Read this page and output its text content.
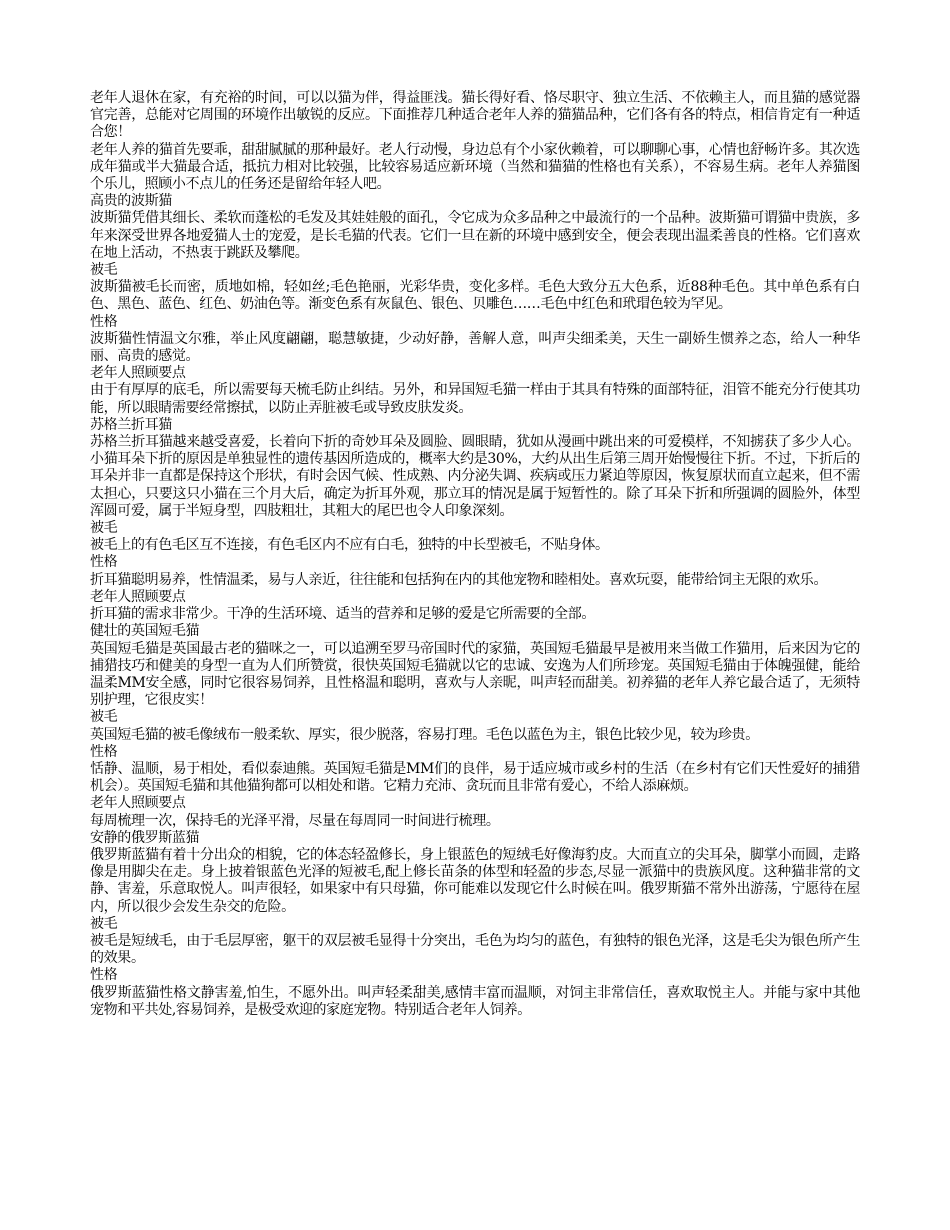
老年人退休在家，有充裕的时间，可以以猫为伴，得益匪浅。猫长得好看、恪尽职守、独立生活、不依赖主人，而且猫的感觉器官完善，总能对它周围的环境作出敏锐的反应。下面推荐几种适合老年人养的猫猫品种，它们各有各的特点，相信肯定有一种适合您！

老年人养的猫首先要乖，甜甜腻腻的那种最好。老人行动慢，身边总有个小家伙赖着，可以聊聊心事，心情也舒畅许多。其次选成年猫或半大猫最合适，抵抗力相对比较强，比较容易适应新环境（当然和猫猫的性格也有关系），不容易生病。老年人养猫图个乐儿，照顾小不点儿的任务还是留给年轻人吧。

高贵的波斯猫

波斯猫凭借其细长、柔软而蓬松的毛发及其娃娃般的面孔，令它成为众多品种之中最流行的一个品种。波斯猫可谓猫中贵族，多年来深受世界各地爱猫人士的宠爱，是长毛猫的代表。它们一旦在新的环境中感到安全，便会表现出温柔善良的性格。它们喜欢在地上活动，不热衷于跳跃及攀爬。

被毛

波斯猫被毛长而密，质地如棉，轻如丝;毛色艳丽，光彩华贵，变化多样。毛色大致分五大色系，近88种毛色。其中单色系有白色、黑色、蓝色、红色、奶油色等。渐变色系有灰鼠色、银色、贝雕色……毛色中红色和玳瑁色较为罕见。

性格

波斯猫性情温文尔雅，举止风度翩翩，聪慧敏捷，少动好静，善解人意，叫声尖细柔美，天生一副娇生惯养之态，给人一种华丽、高贵的感觉。

老年人照顾要点

由于有厚厚的底毛，所以需要每天梳毛防止纠结。另外，和异国短毛猫一样由于其具有特殊的面部特征，泪管不能充分行使其功能，所以眼睛需要经常擦拭，以防止弄脏被毛或导致皮肤发炎。

苏格兰折耳猫

苏格兰折耳猫越来越受喜爱，长着向下折的奇妙耳朵及圆脸、圆眼睛，犹如从漫画中跳出来的可爱模样，不知掳获了多少人心。小猫耳朵下折的原因是单独显性的遗传基因所造成的，概率大约是30%，大约从出生后第三周开始慢慢往下折。不过，下折后的耳朵并非一直都是保持这个形状，有时会因气候、性成熟、内分泌失调、疾病或压力紧迫等原因，恢复原状而直立起来，但不需太担心，只要这只小猫在三个月大后，确定为折耳外观，那立耳的情况是属于短暂性的。除了耳朵下折和所强调的圆脸外，体型浑圆可爱，属于半短身型，四肢粗壮，其粗大的尾巴也令人印象深刻。

被毛

被毛上的有色毛区互不连接，有色毛区内不应有白毛，独特的中长型被毛，不贴身体。

性格

折耳猫聪明易养，性情温柔，易与人亲近，往往能和包括狗在内的其他宠物和睦相处。喜欢玩耍，能带给饲主无限的欢乐。

老年人照顾要点

折耳猫的需求非常少。干净的生活环境、适当的营养和足够的爱是它所需要的全部。

健壮的英国短毛猫

英国短毛猫是英国最古老的猫咪之一，可以追溯至罗马帝国时代的家猫，英国短毛猫最早是被用来当做工作猫用，后来因为它的捕猎技巧和健美的身型一直为人们所赞赏，很快英国短毛猫就以它的忠诚、安逸为人们所珍宠。英国短毛猫由于体魄强健，能给温柔MM安全感，同时它很容易饲养，且性格温和聪明，喜欢与人亲昵，叫声轻而甜美。初养猫的老年人养它最合适了，无须特别护理，它很皮实！

被毛

英国短毛猫的被毛像绒布一般柔软、厚实，很少脱落，容易打理。毛色以蓝色为主，银色比较少见，较为珍贵。

性格

恬静、温顺，易于相处，看似泰迪熊。英国短毛猫是MM们的良伴，易于适应城市或乡村的生活（在乡村有它们天性爱好的捕猎机会）。英国短毛猫和其他猫狗都可以相处和谐。它精力充沛、贪玩而且非常有爱心，不给人添麻烦。

老年人照顾要点

每周梳理一次，保持毛的光泽平滑，尽量在每周同一时间进行梳理。

安静的俄罗斯蓝猫

俄罗斯蓝猫有着十分出众的相貌，它的体态轻盈修长，身上银蓝色的短绒毛好像海豹皮。大而直立的尖耳朵，脚掌小而圆，走路像是用脚尖在走。身上披着银蓝色光泽的短被毛,配上修长苗条的体型和轻盈的步态,尽显一派猫中的贵族风度。这种猫非常的文静、害羞，乐意取悦人。叫声很轻，如果家中有只母猫，你可能难以发现它什么时候在叫。俄罗斯猫不常外出游荡，宁愿待在屋内，所以很少会发生杂交的危险。

被毛

被毛是短绒毛，由于毛层厚密，躯干的双层被毛显得十分突出，毛色为均匀的蓝色，有独特的银色光泽，这是毛尖为银色所产生的效果。

性格

俄罗斯蓝猫性格文静害羞,怕生，不愿外出。叫声轻柔甜美,感情丰富而温顺，对饲主非常信任，喜欢取悦主人。并能与家中其他宠物和平共处,容易饲养，是极受欢迎的家庭宠物。特别适合老年人饲养。
